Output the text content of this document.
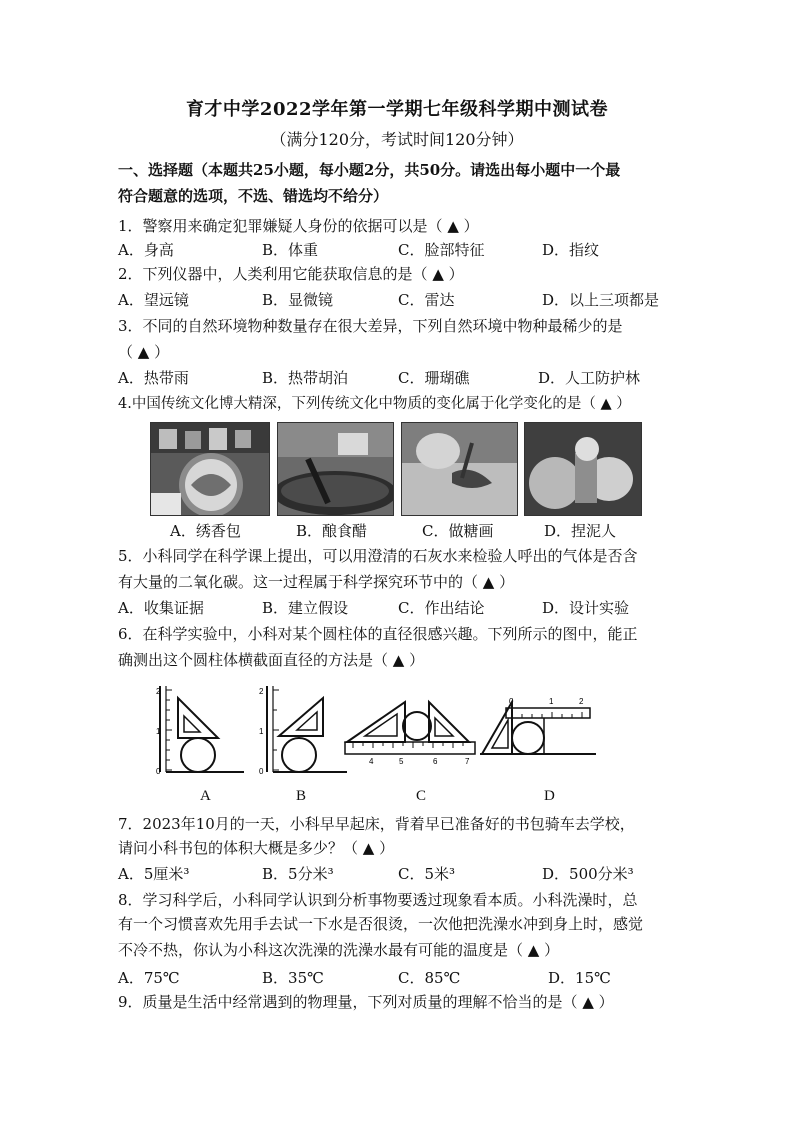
育才中学2022学年第一学期七年级科学期中测试卷
（满分120分，考试时间120分钟）
一、选择题（本题共25小题，每小题2分，共50分。请选出每小题中一个最
符合题意的选项，不选、错选均不给分）
1．警察用来确定犯罪嫌疑人身份的依据可以是（ ▲ ）
A．身高	B．体重	C．脸部特征	D．指纹
2．下列仪器中，人类利用它能获取信息的是（ ▲ ）
A．望远镜	B．显微镜	C．雷达	D．以上三项都是
3．不同的自然环境物种数量存在很大差异，下列自然环境中物种最稀少的是
（ ▲ ）
A．热带雨	B．热带胡泊	C．珊瑚礁	D．人工防护林
4.中国传统文化博大精深，下列传统文化中物质的变化属于化学变化的是（ ▲ ）
A．绣香包	B．酿食醋	C．做糖画	D．捏泥人
5．小科同学在科学课上提出，可以用澄清的石灰水来检验人呼出的气体是否含
有大量的二氧化碳。这一过程属于科学探究环节中的（ ▲ ）
A．收集证据	B．建立假设	C．作出结论	D．设计实验
6．在科学实验中，小科对某个圆柱体的直径很感兴趣。下列所示的图中，能正
确测出这个圆柱体横截面直径的方法是（ ▲ ）
0
1
2
0
1
2
4	5	6	7
0	1	2
A	B	C	D
7．2023年10月的一天，小科早早起床，背着早已准备好的书包骑车去学校，
请问小科书包的体积大概是多少？（ ▲ ）
A．5厘米³	B．5分米³	C．5米³	D．500分米³
8．学习科学后，小科同学认识到分析事物要透过现象看本质。小科洗澡时，总
有一个习惯喜欢先用手去试一下水是否很烫，一次他把洗澡水冲到身上时，感觉
不冷不热，你认为小科这次洗澡的洗澡水最有可能的温度是（ ▲ ）
A．75℃	B．35℃	C．85℃	D．15℃
9．质量是生活中经常遇到的物理量，下列对质量的理解不恰当的是（ ▲ ）
